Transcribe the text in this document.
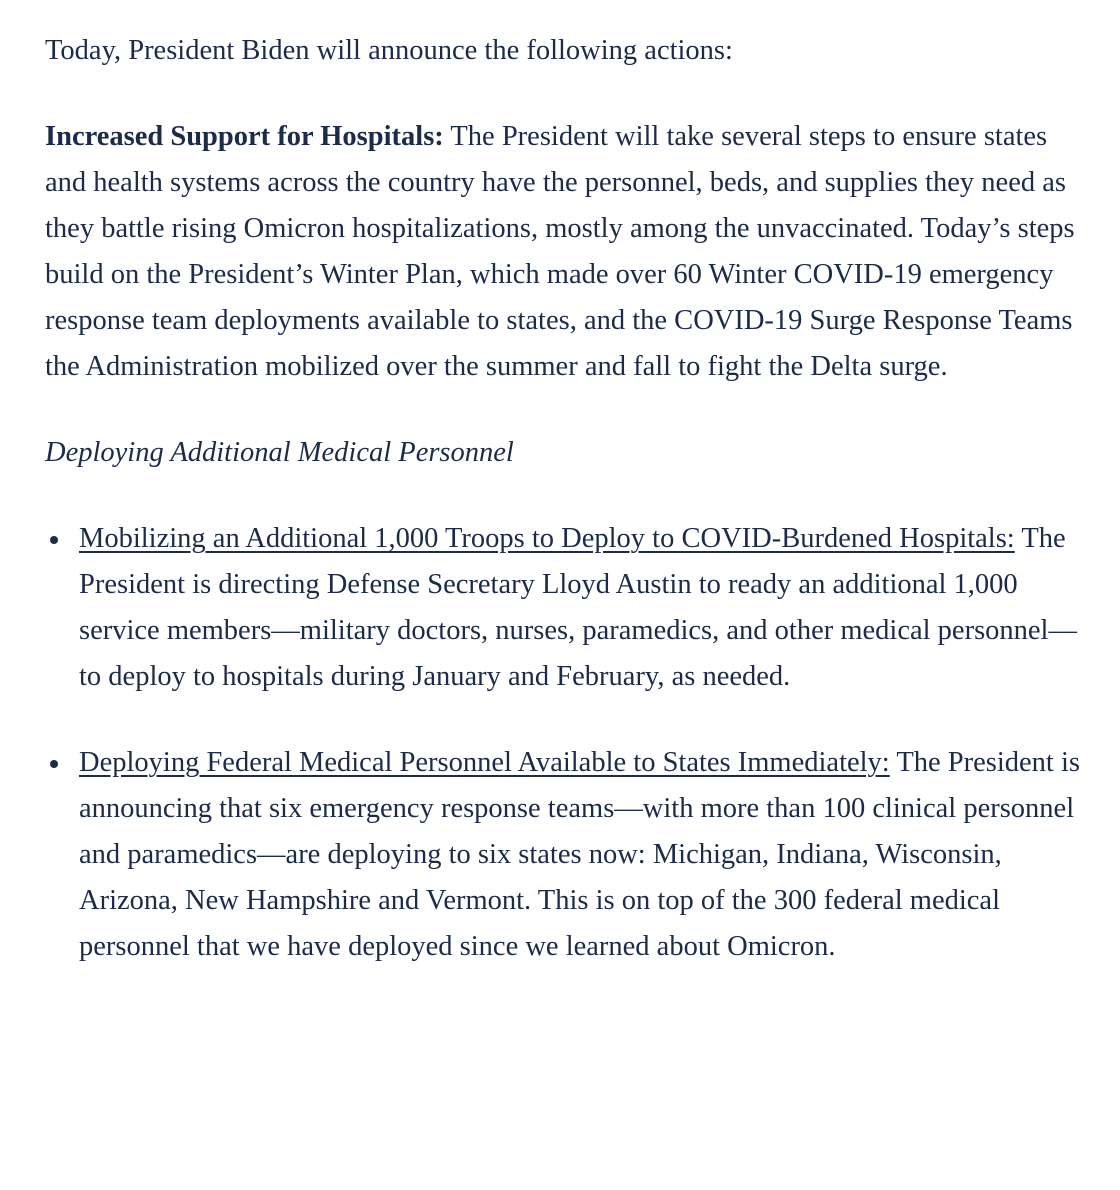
Today, President Biden will announce the following actions:

Increased Support for Hospitals: The President will take several steps to ensure states and health systems across the country have the personnel, beds, and supplies they need as they battle rising Omicron hospitalizations, mostly among the unvaccinated. Today’s steps build on the President’s Winter Plan, which made over 60 Winter COVID-19 emergency response team deployments available to states, and the COVID-19 Surge Response Teams the Administration mobilized over the summer and fall to fight the Delta surge.

Deploying Additional Medical Personnel

Mobilizing an Additional 1,000 Troops to Deploy to COVID-Burdened Hospitals: The President is directing Defense Secretary Lloyd Austin to ready an additional 1,000 service members—military doctors, nurses, paramedics, and other medical personnel—to deploy to hospitals during January and February, as needed.
Deploying Federal Medical Personnel Available to States Immediately: The President is announcing that six emergency response teams—with more than 100 clinical personnel and paramedics—are deploying to six states now: Michigan, Indiana, Wisconsin, Arizona, New Hampshire and Vermont. This is on top of the 300 federal medical personnel that we have deployed since we learned about Omicron.
